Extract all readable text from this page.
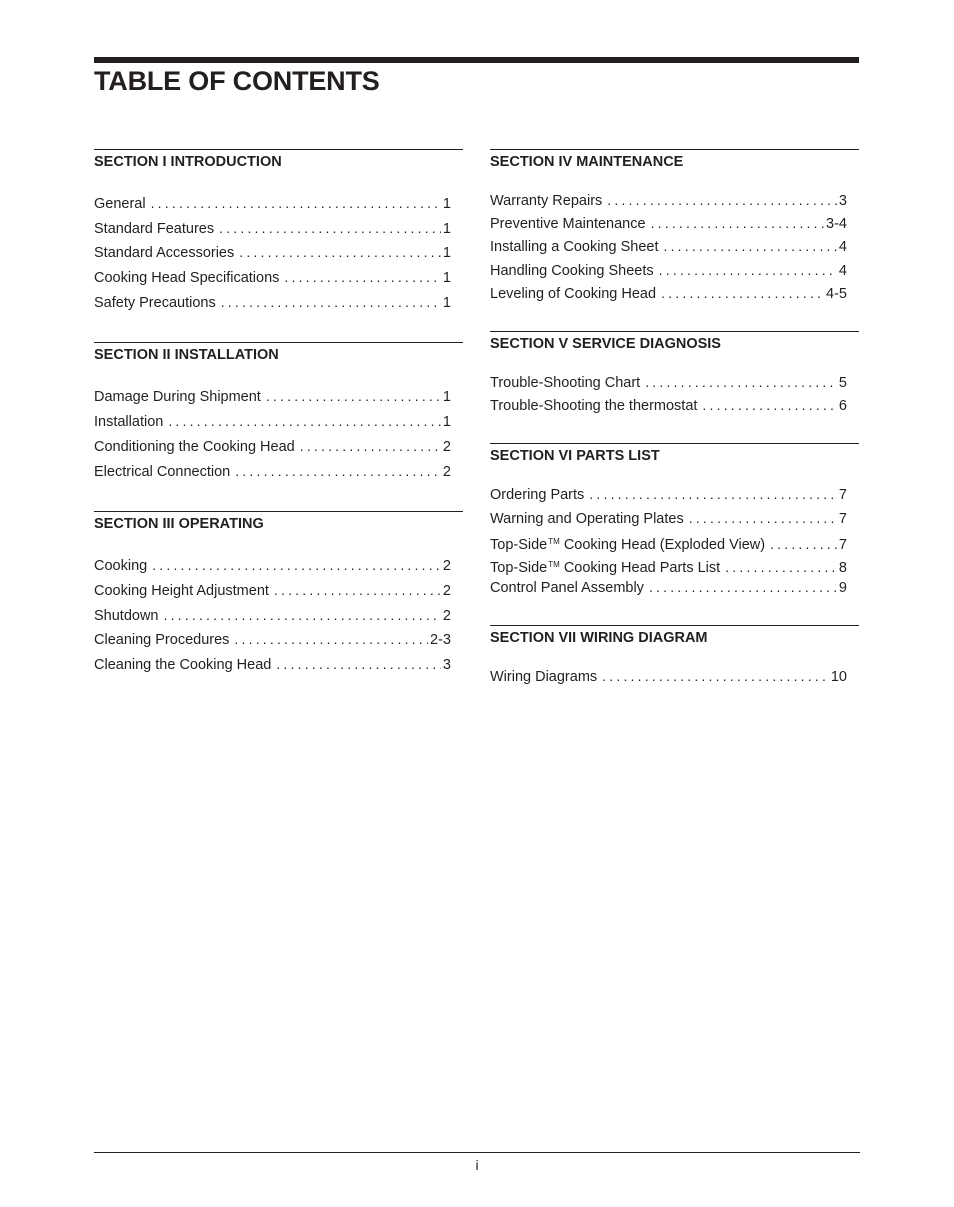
TABLE OF CONTENTS
SECTION I INTRODUCTION
General .....	1
Standard Features .....	1
Standard Accessories .....	1
Cooking Head Specifications .....	1
Safety Precautions .....	1
SECTION II INSTALLATION
Damage During Shipment .....	1
Installation .....	1
Conditioning the Cooking Head .....	2
Electrical Connection .....	2
SECTION III OPERATING
Cooking .....	2
Cooking Height Adjustment .....	2
Shutdown .....	2
Cleaning Procedures .....	2-3
Cleaning the Cooking Head .....	3
SECTION IV MAINTENANCE
Warranty Repairs .....	3
Preventive Maintenance .....	3-4
Installing a Cooking Sheet .....	4
Handling Cooking Sheets .....	4
Leveling of Cooking Head .....	4-5
SECTION V SERVICE DIAGNOSIS
Trouble-Shooting Chart .....	5
Trouble-Shooting the thermostat .....	6
SECTION VI PARTS LIST
Ordering Parts .....	7
Warning and Operating Plates .....	7
Top-Side™ Cooking Head (Exploded View) .....	7
Top-Side™ Cooking Head Parts List .....	8
Control Panel Assembly .....	9
SECTION VII WIRING DIAGRAM
Wiring Diagrams .....	10
i
